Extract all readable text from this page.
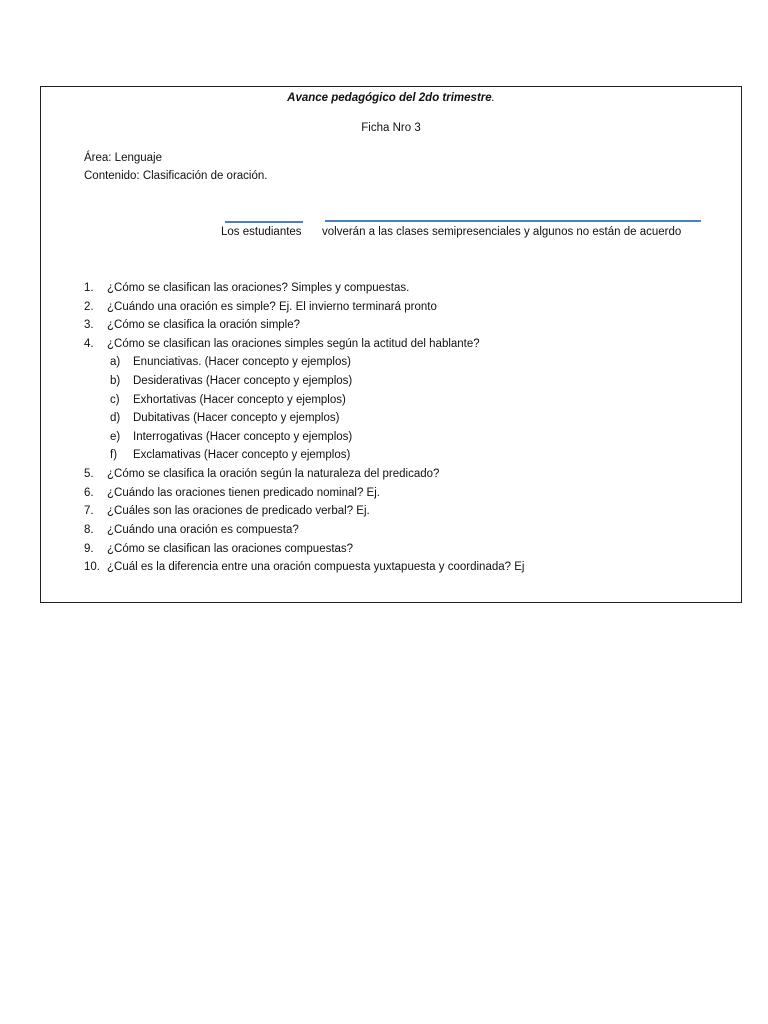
Avance pedagógico del 2do trimestre.
Ficha Nro 3
Área: Lenguaje
Contenido: Clasificación de oración.
Los estudiantes volverán a las clases semipresenciales y algunos no están de acuerdo
1. ¿Cómo se clasifican las oraciones? Simples y compuestas.
2. ¿Cuándo una oración es simple? Ej. El invierno terminará pronto
3. ¿Cómo se clasifica la oración simple?
4. ¿Cómo se clasifican las oraciones simples según la actitud del hablante?
a) Enunciativas. (Hacer concepto y ejemplos)
b) Desiderativas (Hacer concepto y ejemplos)
c) Exhortativas (Hacer concepto y ejemplos)
d) Dubitativas (Hacer concepto y ejemplos)
e) Interrogativas (Hacer concepto y ejemplos)
f) Exclamativas (Hacer concepto y ejemplos)
5. ¿Cómo se clasifica la oración según la naturaleza del predicado?
6. ¿Cuándo las oraciones tienen predicado nominal? Ej.
7. ¿Cuáles son las oraciones de predicado verbal? Ej.
8. ¿Cuándo una oración es compuesta?
9. ¿Cómo se clasifican las oraciones compuestas?
10. ¿Cuál es la diferencia entre una oración compuesta yuxtapuesta y coordinada? Ej
